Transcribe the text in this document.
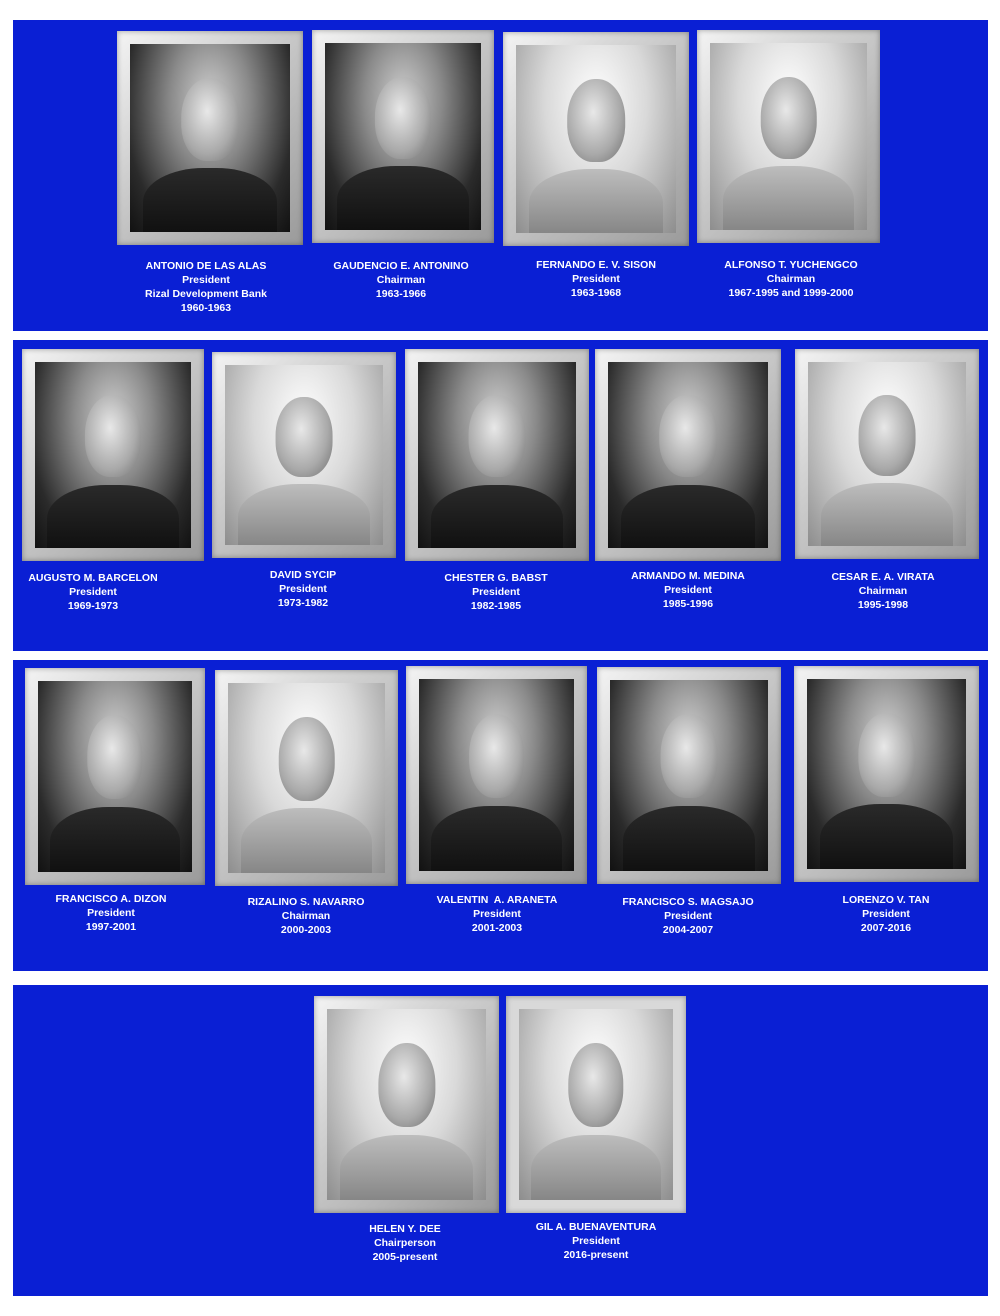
ANTONIO DE LAS ALAS
President
Rizal Development Bank
1960-1963
GAUDENCIO E. ANTONINO
Chairman
1963-1966
FERNANDO E. V. SISON
President
1963-1968
ALFONSO T. YUCHENGCO
Chairman
1967-1995 and 1999-2000
AUGUSTO M. BARCELON
President
1969-1973
DAVID SYCIP
President
1973-1982
CHESTER G. BABST
President
1982-1985
ARMANDO M. MEDINA
President
1985-1996
CESAR E. A. VIRATA
Chairman
1995-1998
FRANCISCO A. DIZON
President
1997-2001
RIZALINO S. NAVARRO
Chairman
2000-2003
VALENTIN  A. ARANETA
President
2001-2003
FRANCISCO S. MAGSAJO
President
2004-2007
LORENZO V. TAN
President
2007-2016
HELEN Y. DEE
Chairperson
2005-present
GIL A. BUENAVENTURA
President
2016-present
